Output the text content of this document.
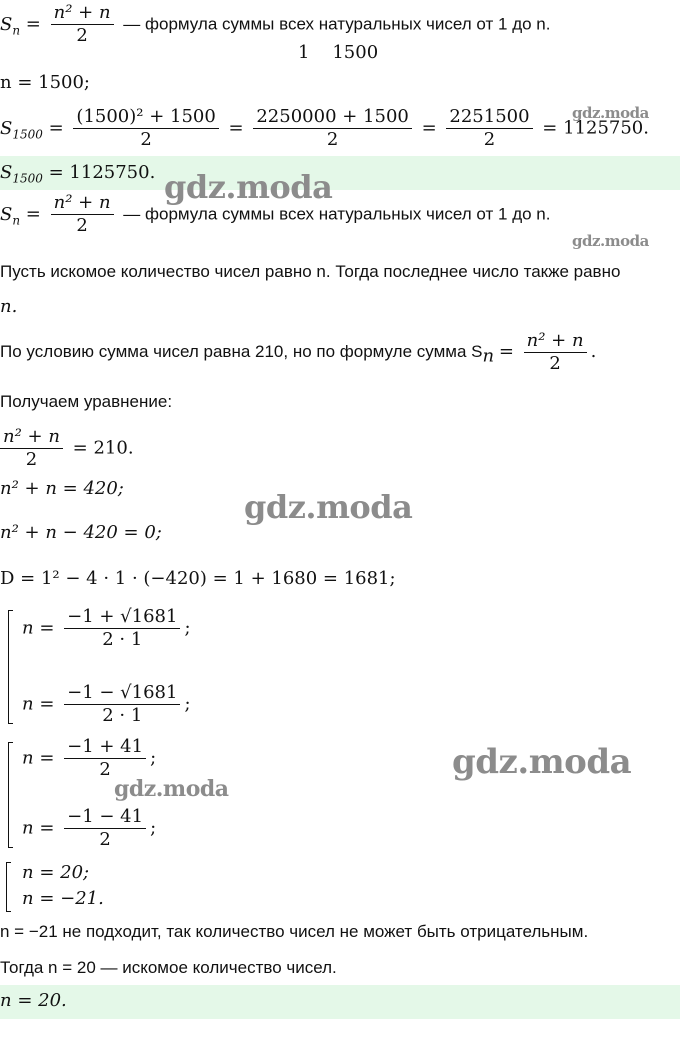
$S_n = \frac{\text{n² + n}}{2}$ — формула суммы всех натуральных чисел от 1 до n.
1    1500
n = 1500;
$S_{1500} = \frac{\text{(1500)² + 1500}}{2} = \frac{2250000 + 1500}{2} = \frac{2251500}{2} = 1125750$.
$S_{1500} = 1125750$.
$S_n = \frac{\text{n² + n}}{2}$ — формула суммы всех натуральных чисел от 1 до n.
Пусть искомое количество чисел равно n. Тогда последнее число также равно
n.
По условию сумма чисел равна 210, но по формуле сумма $S_n = \frac{\text{n² + n}}{2}$ .
Получаем уравнение:
$\frac{\text{n² + n}}{2} = 210$.
n² + n = 420;
n² + n − 420 = 0;
D = 1² − 4 · 1 · (−420) = 1 + 1680 = 1681;
$n = \frac{-1 + √1681}{2 \cdot 1}$ ;
$n = \frac{-1 - √1681}{2 \cdot 1}$ ;
$n = \frac{-1 + 41}{2}$ ;
$n = \frac{-1 - 41}{2}$ ;
n = 20;
n = −21.
n = −21 не подходит, так количество чисел не может быть отрицательным.
Тогда n = 20 — искомое количество чисел.
n = 20.
gdz.moda
gdz.moda
gdz.moda
gdz.moda
gdz.moda
gdz.moda
